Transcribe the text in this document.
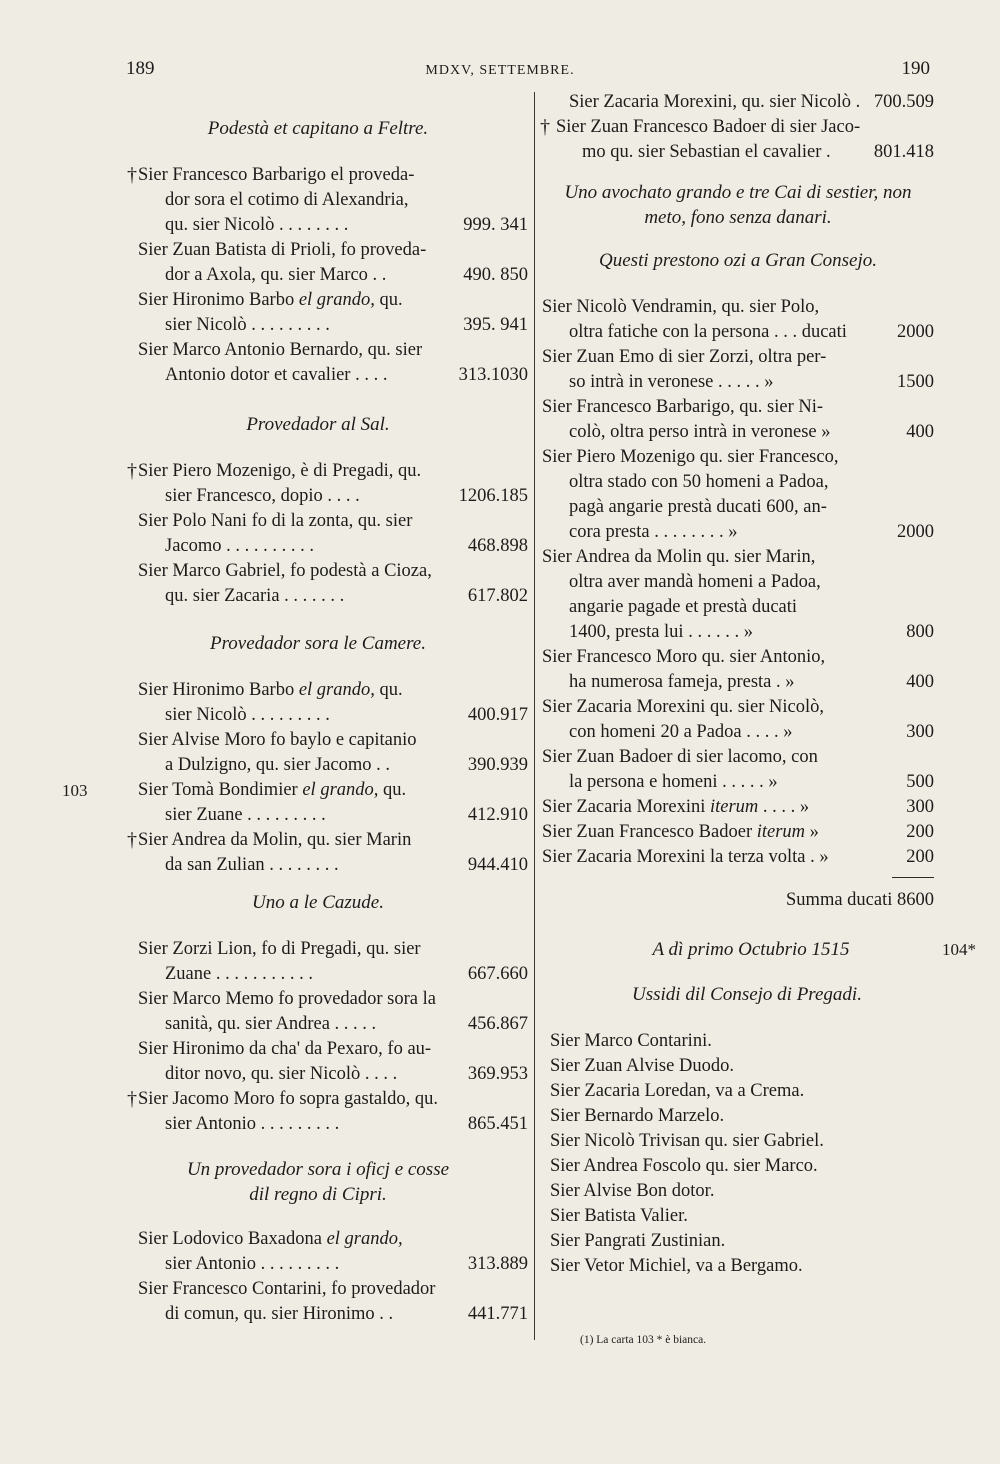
189	MDXV, SETTEMBRE.	190

Podestà et capitano a Feltre.

† Sier Francesco Barbarigo el proveda-
dor sora el cotimo di Alexandria,
qu. sier Nicolò . . . . . . . .	999. 341
Sier Zuan Batista di Prioli, fo proveda-
dor a Axola, qu. sier Marco . .	490. 850
Sier Hironimo Barbo el grando, qu.
sier Nicolò . . . . . . . . .	395. 941
Sier Marco Antonio Bernardo, qu. sier
Antonio dotor et cavalier . . . .	313.1030

Provedador al Sal.

† Sier Piero Mozenigo, è di Pregadi, qu.
sier Francesco, dopio . . . .	1206.185
Sier Polo Nani fo di la zonta, qu. sier
Jacomo . . . . . . . . . .	468.898
Sier Marco Gabriel, fo podestà a Cioza,
qu. sier Zacaria . . . . . . .	617.802

Provedador sora le Camere.

Sier Hironimo Barbo el grando, qu.
sier Nicolò . . . . . . . . .	400.917
Sier Alvise Moro fo baylo e capitanio
a Dulzigno, qu. sier Jacomo . .	390.939
103	Sier Tomà Bondimier el grando, qu.
sier Zuane . . . . . . . . .	412.910
† Sier Andrea da Molin, qu. sier Marin
da san Zulian . . . . . . . .	944.410

Uno a le Cazude.

Sier Zorzi Lion, fo di Pregadi, qu. sier
Zuane . . . . . . . . . . .	667.660
Sier Marco Memo fo provedador sora la
sanità, qu. sier Andrea . . . . .	456.867
Sier Hironimo da cha' da Pexaro, fo au-
ditor novo, qu. sier Nicolò . . . .	369.953
† Sier Jacomo Moro fo sopra gastaldo, qu.
sier Antonio . . . . . . . . .	865.451

Un provedador sora i oficj e cosse

dil regno di Cipri.

Sier Lodovico Baxadona el grando,
sier Antonio . . . . . . . . .	313.889
Sier Francesco Contarini, fo provedador
di comun, qu. sier Hironimo . .	441.771
Sier Zacaria Morexini, qu. sier Nicolò . 700.509
† Sier Zuan Francesco Badoer di sier Jaco-
mo qu. sier Sebastian el cavalier . 801.418

Uno avochato grando e tre Cai di sestier, non

meto, fono senza danari.

Questi prestono ozi a Gran Consejo.

Sier Nicolò Vendramin, qu. sier Polo,
oltra fatiche con la persona . . . ducati	2000
Sier Zuan Emo di sier Zorzi, oltra per-
so intrà in veronese . . . . . »	1500
Sier Francesco Barbarigo, qu. sier Ni-
colò, oltra perso intrà in veronese »	400
Sier Piero Mozenigo qu. sier Francesco,
oltra stado con 50 homeni a Padoa,
pagà angarie prestà ducati 600, an-
cora presta . . . . . . . . »	2000
Sier Andrea da Molin qu. sier Marin,
oltra aver mandà homeni a Padoa,
angarie pagade et prestà ducati
1400, presta lui . . . . . . »	800
Sier Francesco Moro qu. sier Antonio,
ha numerosa fameja, presta . »	400
Sier Zacaria Morexini qu. sier Nicolò,
con homeni 20 a Padoa . . . . »	300
Sier Zuan Badoer di sier lacomo, con
la persona e homeni . . . . . »	500
Sier Zacaria Morexini iterum . . . . »	300
Sier Zuan Francesco Badoer iterum »	200
Sier Zacaria Morexini la terza volta . »	200
Summa ducati 8600

A dì primo Octubrio 1515	104*

Ussidi dil Consejo di Pregadi.

Sier Marco Contarini.
Sier Zuan Alvise Duodo.
Sier Zacaria Loredan, va a Crema.
Sier Bernardo Marzelo.
Sier Nicolò Trivisan qu. sier Gabriel.
Sier Andrea Foscolo qu. sier Marco.
Sier Alvise Bon dotor.
Sier Batista Valier.
Sier Pangrati Zustinian.
Sier Vetor Michiel, va a Bergamo.
(1) La carta 103 * è bianca.
